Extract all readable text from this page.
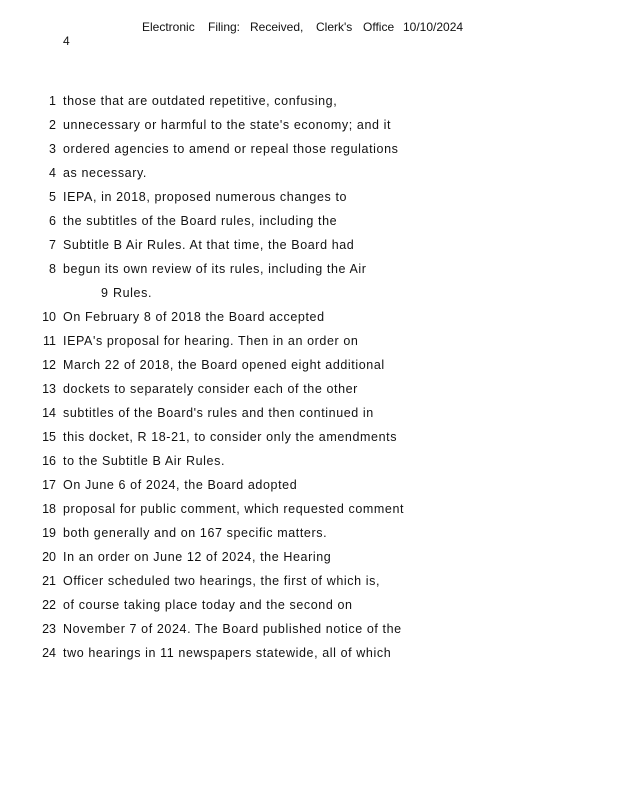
Electronic Filing: Received, Clerk's Office 10/10/2024
4
1 those that are outdated repetitive, confusing,
2 unnecessary or harmful to the state's economy; and it
3 ordered agencies to amend or repeal those regulations
4 as necessary.
5 IEPA, in 2018, proposed numerous changes to
6 the subtitles of the Board rules, including the
7 Subtitle B Air Rules. At that time, the Board had
8 begun its own review of its rules, including the Air
9 Rules.
10 On February 8 of 2018 the Board accepted
11 IEPA's proposal for hearing. Then in an order on
12 March 22 of 2018, the Board opened eight additional
13 dockets to separately consider each of the other
14 subtitles of the Board's rules and then continued in
15 this docket, R 18-21, to consider only the amendments
16 to the Subtitle B Air Rules.
17 On June 6 of 2024, the Board adopted
18 proposal for public comment, which requested comment
19 both generally and on 167 specific matters.
20 In an order on June 12 of 2024, the Hearing
21 Officer scheduled two hearings, the first of which is,
22 of course taking place today and the second on
23 November 7 of 2024. The Board published notice of the
24 two hearings in 11 newspapers statewide, all of which
